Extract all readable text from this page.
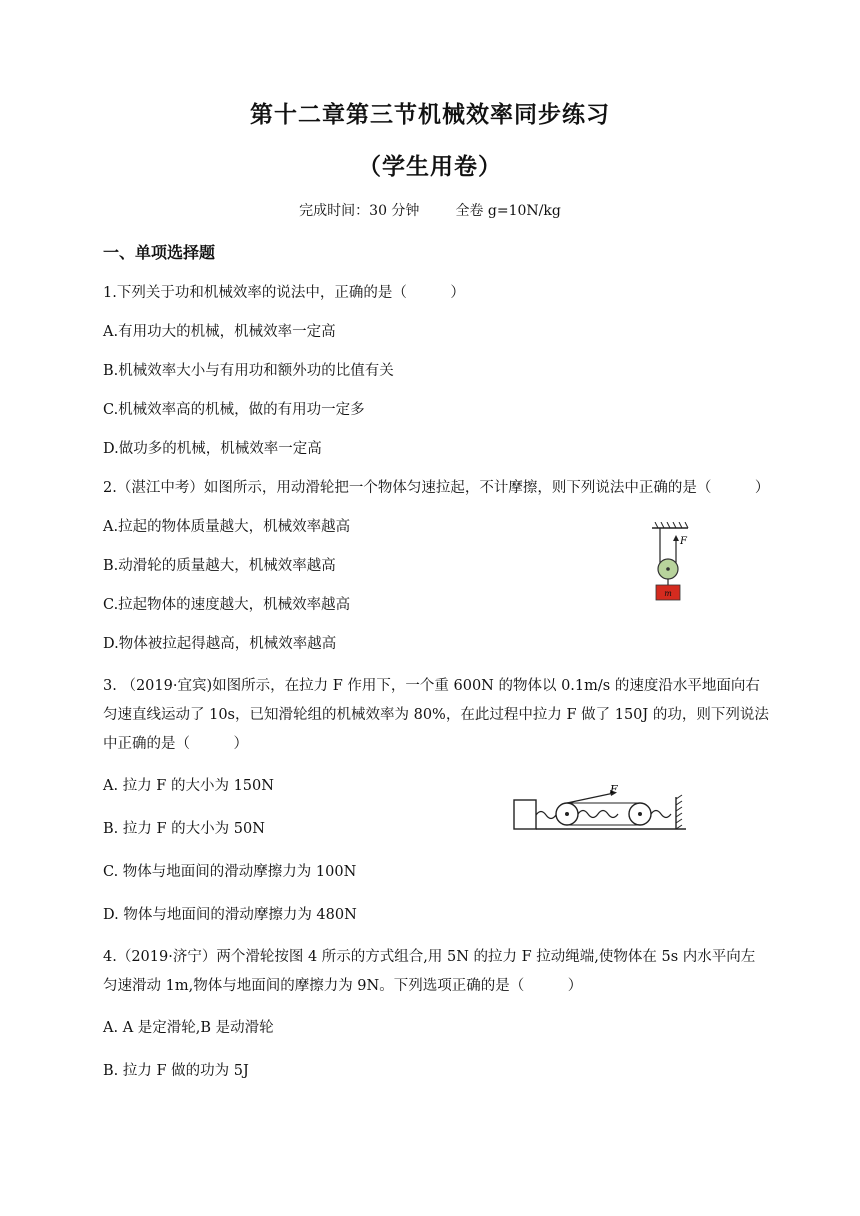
第十二章第三节机械效率同步练习
（学生用卷）
完成时间：30 分钟	全卷 g=10N/kg
一、单项选择题
1.下列关于功和机械效率的说法中，正确的是（　　　）
A.有用功大的机械，机械效率一定高
B.机械效率大小与有用功和额外功的比值有关
C.机械效率高的机械，做的有用功一定多
D.做功多的机械，机械效率一定高
2.（湛江中考）如图所示，用动滑轮把一个物体匀速拉起，不计摩擦，则下列说法中正确的是（　　　）
A.拉起的物体质量越大，机械效率越高
B.动滑轮的质量越大，机械效率越高
C.拉起物体的速度越大，机械效率越高
D.物体被拉起得越高，机械效率越高
F
m
3. （2019·宜宾)如图所示，在拉力 F 作用下，一个重 600N 的物体以 0.1m/s 的速度沿水平地面向右
匀速直线运动了 10s，已知滑轮组的机械效率为 80%，在此过程中拉力 F 做了 150J 的功，则下列说法
中正确的是（　　　）
A. 拉力 F 的大小为 150N
B. 拉力 F 的大小为 50N
C. 物体与地面间的滑动摩擦力为 100N
D. 物体与地面间的滑动摩擦力为 480N
F
4.（2019·济宁）两个滑轮按图 4 所示的方式组合,用 5N 的拉力 F 拉动绳端,使物体在 5s 内水平向左
匀速滑动 1m,物体与地面间的摩擦力为 9N。下列选项正确的是（　　　）
A. A 是定滑轮,B 是动滑轮
B. 拉力 F 做的功为 5J
